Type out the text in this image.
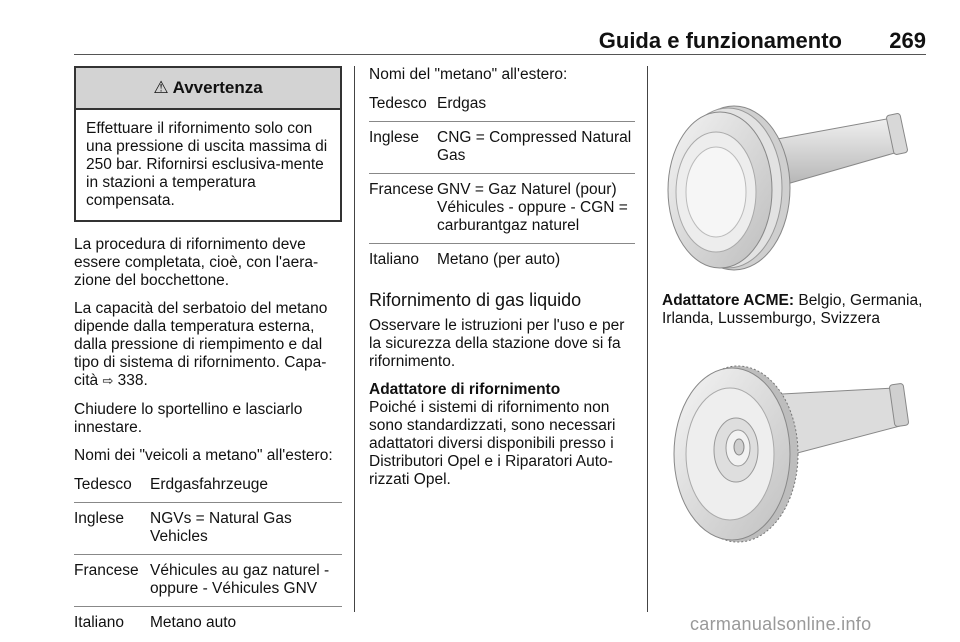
Guida e funzionamento 269
⚠ Avvertenza
Effettuare il rifornimento solo con una pressione di uscita massima di 250 bar. Rifornirsi esclusiva-mente in stazioni a temperatura compensata.

La procedura di rifornimento deve essere completata, cioè, con l'aera-zione del bocchettone.

La capacità del serbatoio del metano dipende dalla temperatura esterna, dalla pressione di riempimento e dal tipo di sistema di rifornimento. Capa-cità ⇨ 338.

Chiudere lo sportellino e lasciarlo innestare.

Nomi dei "veicoli a metano" all'estero:

Tedesco	Erdgasfahrzeuge
Inglese	NGVs = Natural Gas Vehicles
Francese Véhicules au gaz naturel - oppure - Véhicules GNV
Italiano	Metano auto

Nomi del "metano" all'estero:

Tedesco Erdgas
Inglese	CNG = Compressed Natural Gas
Francese GNV = Gaz Naturel (pour) Véhicules - oppure - CGN = carburantgaz naturel
Italiano	Metano (per auto)
Rifornimento di gas liquido

Osservare le istruzioni per l'uso e per la sicurezza della stazione dove si fa rifornimento.

Adattatore di rifornimento

Poiché i sistemi di rifornimento non sono standardizzati, sono necessari adattatori diversi disponibili presso i Distributori Opel e i Riparatori Auto-rizzati Opel.

Adattatore ACME: Belgio, Germania, Irlanda, Lussemburgo, Svizzera
carmanualsonline.info
